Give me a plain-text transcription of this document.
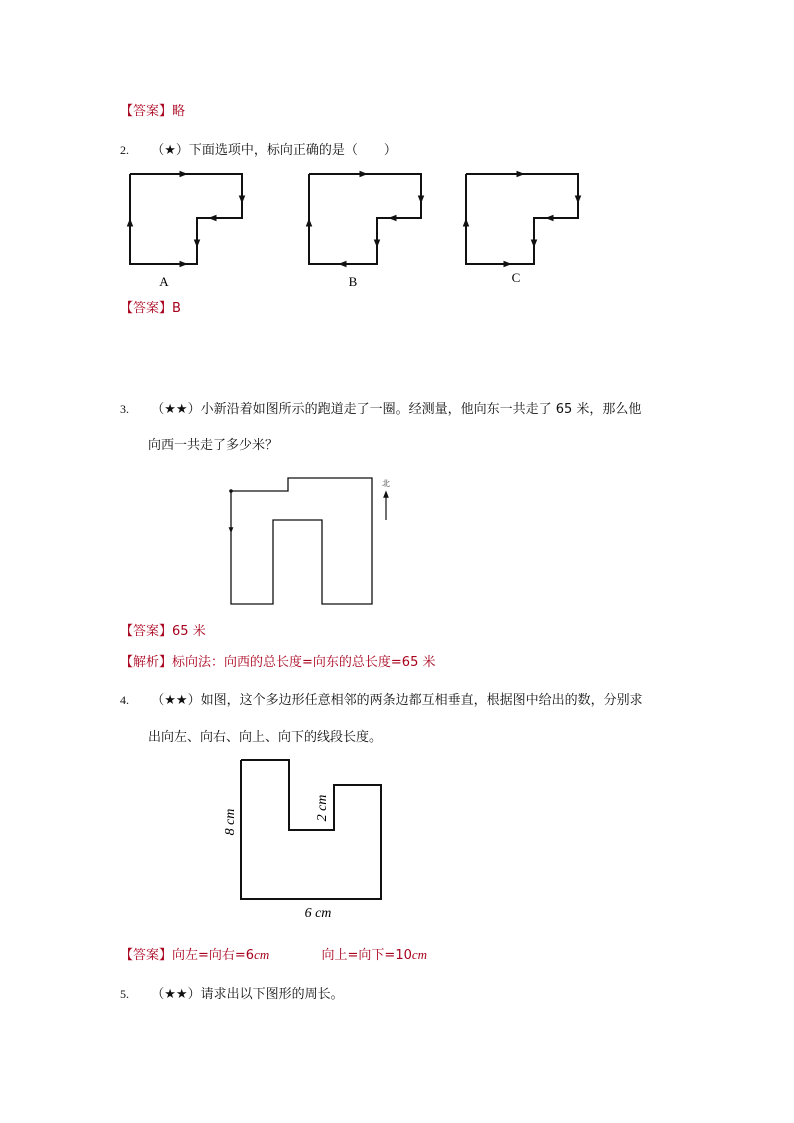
【答案】略
2. （★）下面选项中，标向正确的是（　　）
A	B	C
【答案】B
3. （★★）小新沿着如图所示的跑道走了一圈。经测量，他向东一共走了 65 米，那么他
向西一共走了多少米？
北
【答案】65 米
【解析】标向法：向西的总长度=向东的总长度=65 米
4. （★★）如图，这个多边形任意相邻的两条边都互相垂直，根据图中给出的数，分别求
出向左、向右、向上、向下的线段长度。
8 cm
2 cm
6 cm
【答案】向左=向右=6cm	向上=向下=10cm
5. （★★）请求出以下图形的周长。
